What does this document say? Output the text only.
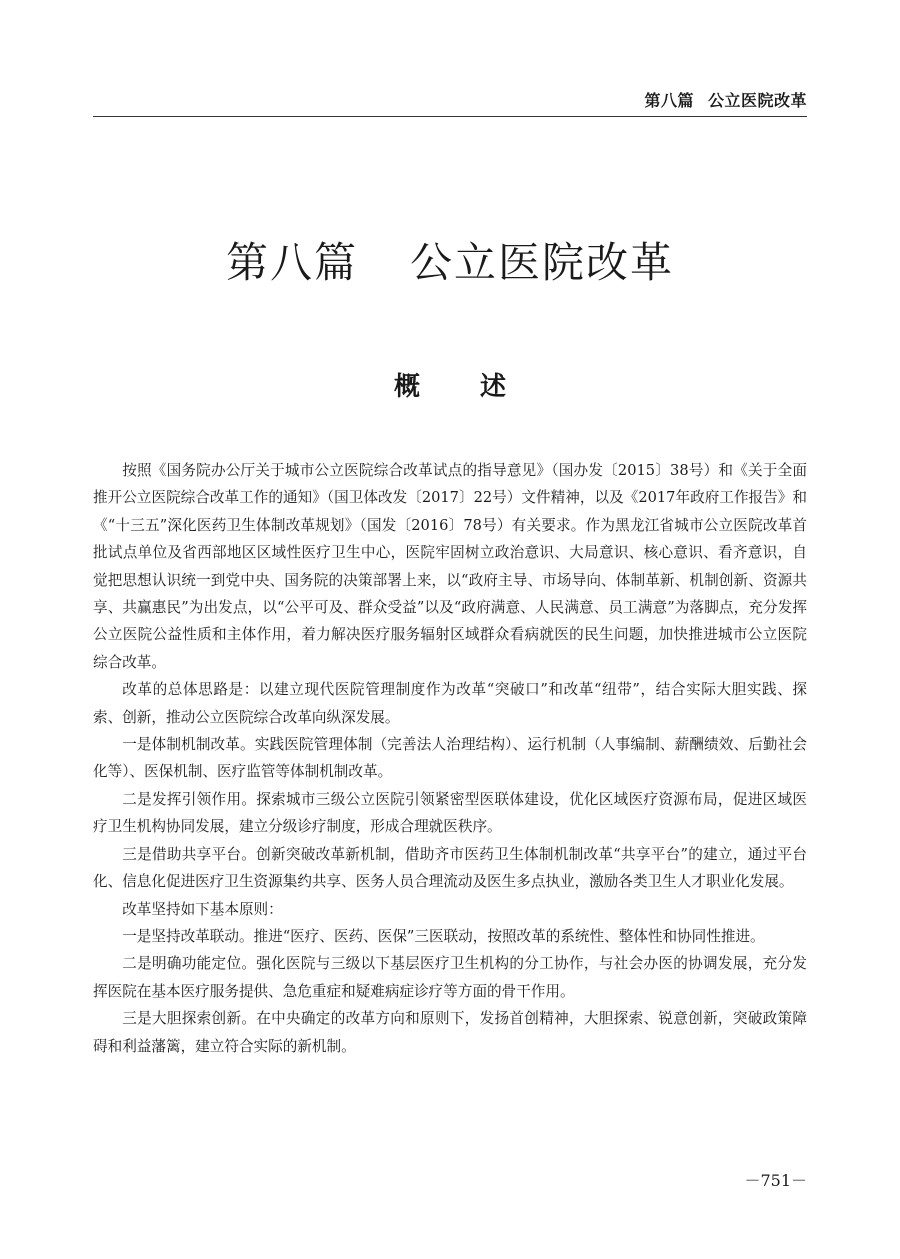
第八篇 公立医院改革
第八篇 公立医院改革
概述

按照《国务院办公厅关于城市公立医院综合改革试点的指导意见》（国办发〔2015〕38号）和《关于全面推开公立医院综合改革工作的通知》（国卫体改发〔2017〕22号）文件精神，以及《2017年政府工作报告》和《“十三五”深化医药卫生体制改革规划》（国发〔2016〕78号）有关要求。作为黑龙江省城市公立医院改革首批试点单位及省西部地区区域性医疗卫生中心，医院牢固树立政治意识、大局意识、核心意识、看齐意识，自觉把思想认识统一到党中央、国务院的决策部署上来，以“政府主导、市场导向、体制革新、机制创新、资源共享、共赢惠民”为出发点，以“公平可及、群众受益”以及“政府满意、人民满意、员工满意”为落脚点，充分发挥公立医院公益性质和主体作用，着力解决医疗服务辐射区域群众看病就医的民生问题，加快推进城市公立医院综合改革。

改革的总体思路是：以建立现代医院管理制度作为改革“突破口”和改革“纽带”，结合实际大胆实践、探索、创新，推动公立医院综合改革向纵深发展。

一是体制机制改革。实践医院管理体制（完善法人治理结构）、运行机制（人事编制、薪酬绩效、后勤社会化等）、医保机制、医疗监管等体制机制改革。

二是发挥引领作用。探索城市三级公立医院引领紧密型医联体建设，优化区域医疗资源布局，促进区域医疗卫生机构协同发展，建立分级诊疗制度，形成合理就医秩序。

三是借助共享平台。创新突破改革新机制，借助齐市医药卫生体制机制改革“共享平台”的建立，通过平台化、信息化促进医疗卫生资源集约共享、医务人员合理流动及医生多点执业，激励各类卫生人才职业化发展。

改革坚持如下基本原则：

一是坚持改革联动。推进“医疗、医药、医保”三医联动，按照改革的系统性、整体性和协同性推进。

二是明确功能定位。强化医院与三级以下基层医疗卫生机构的分工协作，与社会办医的协调发展，充分发挥医院在基本医疗服务提供、急危重症和疑难病症诊疗等方面的骨干作用。

三是大胆探索创新。在中央确定的改革方向和原则下，发扬首创精神，大胆探索、锐意创新，突破政策障碍和利益藩篱，建立符合实际的新机制。

－751－
